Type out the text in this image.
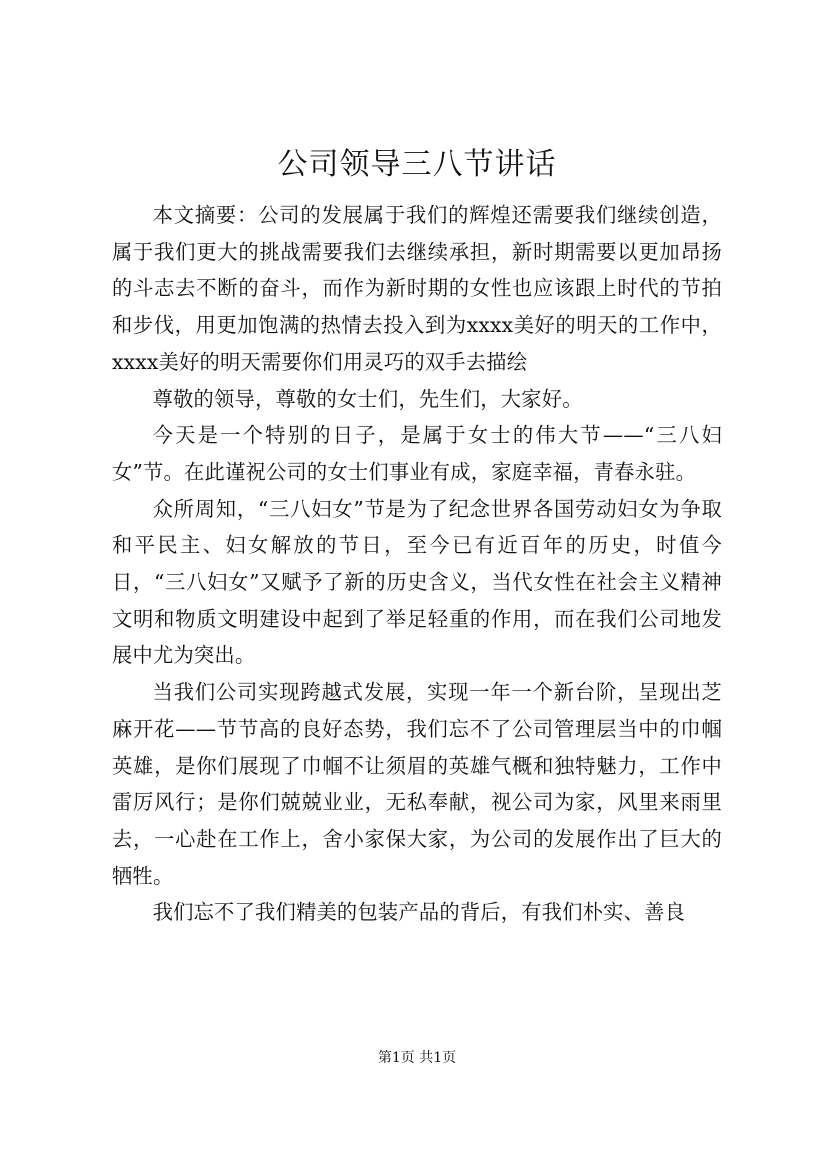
公司领导三八节讲话

本文摘要：公司的发展属于我们的辉煌还需要我们继续创造，属于我们更大的挑战需要我们去继续承担，新时期需要以更加昂扬的斗志去不断的奋斗，而作为新时期的女性也应该跟上时代的节拍和步伐，用更加饱满的热情去投入到为xxxx美好的明天的工作中，xxxx美好的明天需要你们用灵巧的双手去描绘

尊敬的领导，尊敬的女士们，先生们，大家好。

今天是一个特别的日子，是属于女士的伟大节——“三八妇女”节。在此谨祝公司的女士们事业有成，家庭幸福，青春永驻。

众所周知，“三八妇女”节是为了纪念世界各国劳动妇女为争取和平民主、妇女解放的节日，至今已有近百年的历史，时值今日，“三八妇女”又赋予了新的历史含义，当代女性在社会主义精神文明和物质文明建设中起到了举足轻重的作用，而在我们公司地发展中尤为突出。

当我们公司实现跨越式发展，实现一年一个新台阶，呈现出芝麻开花——节节高的良好态势，我们忘不了公司管理层当中的巾帼英雄，是你们展现了巾帼不让须眉的英雄气概和独特魅力，工作中雷厉风行；是你们兢兢业业，无私奉献，视公司为家，风里来雨里去，一心赴在工作上，舍小家保大家，为公司的发展作出了巨大的牺牲。

我们忘不了我们精美的包装产品的背后，有我们朴实、善良

第1页 共1页
